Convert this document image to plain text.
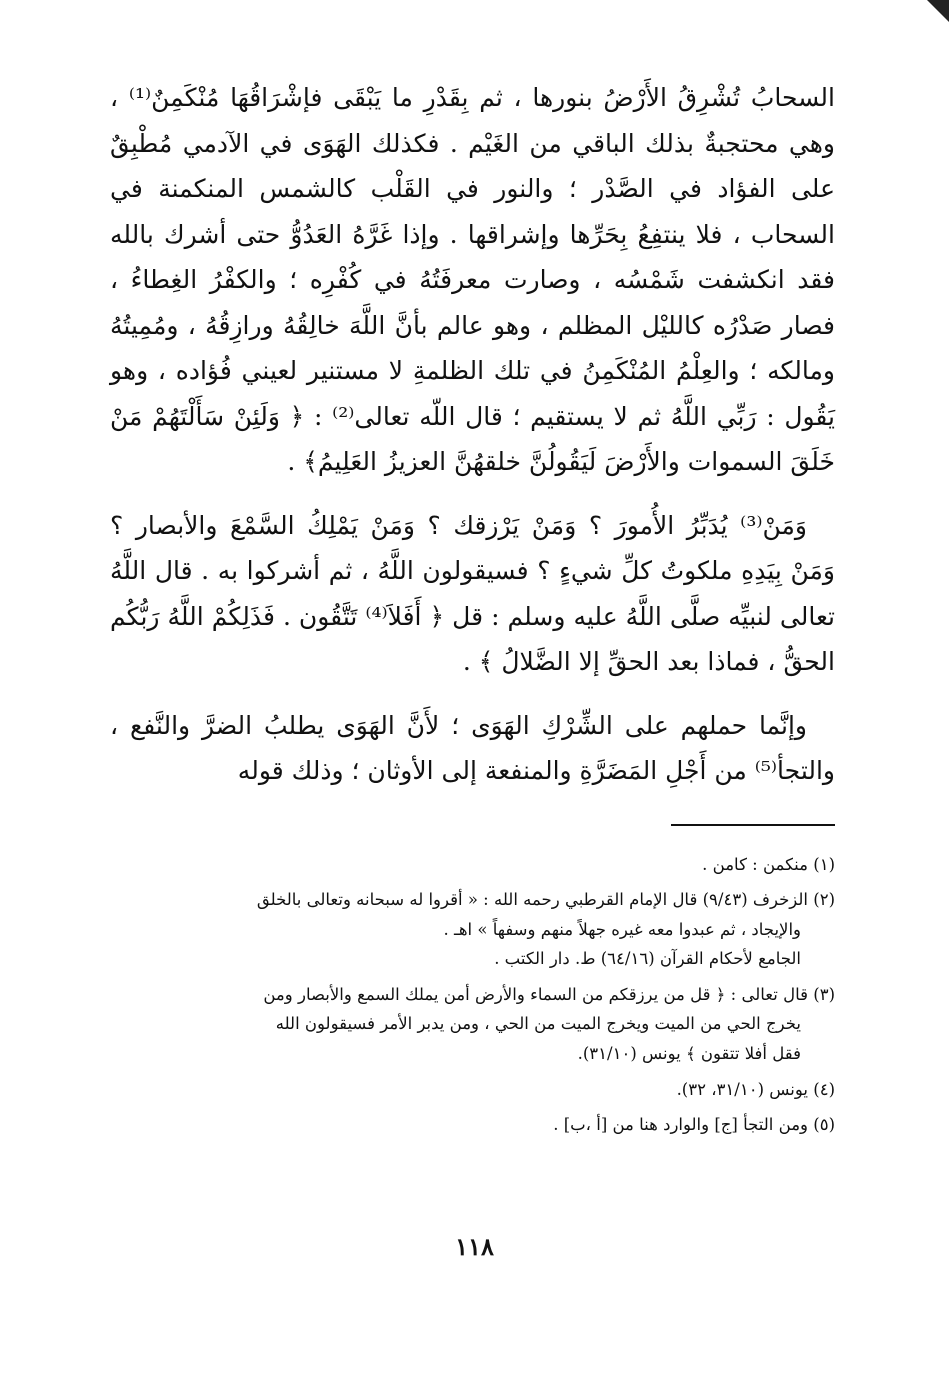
السحابُ تُشْرِقُ الأَرْضُ بنورها ، ثم بِقَدْرِ ما يَبْقَى فإشْرَاقُهَا مُنْكَمِنٌ⁽¹⁾ ، وهي محتجبةٌ بذلك الباقي من الغَيْم . فكذلك الهَوَى في الآدمي مُطْبِقٌ على الفؤاد في الصَّدْر ؛ والنور في القَلْب كالشمس المنكمنة في السحاب ، فلا ينتفِعُ بِحَرِّها وإشراقها . وإذا غَرَّهُ العَدُوُّ حتى أشرك بالله فقد انكشفت شَمْسُه ، وصارت معرفَتُهُ في كُفْرِه ؛ والكفْرُ الغِطاءُ ، فصار صَدْرُه كالليْل المظلم ، وهو عالم بأنَّ اللَّهَ خالِقُهُ ورازِقُهُ ، ومُمِيتُهُ ومالكه ؛ والعِلْمُ المُنْكَمِنُ في تلك الظلمةِ لا مستنير لعيني فُؤاده ، وهو يَقُول : رَبِّي اللَّهُ ثم لا يستقيم ؛ قال اللّه تعالى⁽²⁾ : ﴿ وَلَئِنْ سَأَلْتَهُمْ مَنْ خَلَقَ السموات والأَرْضَ لَيَقُولُنَّ خلقهُنَّ العزيزُ العَلِيمُ﴾ .

وَمَنْ⁽³⁾ يُدَبِّرُ الأُمورَ ؟ وَمَنْ يَرْزقك ؟ وَمَنْ يَمْلِكُ السَّمْعَ والأبصار ؟ وَمَنْ بِيَدِهِ ملكوتُ كلِّ شيءٍ ؟ فسيقولون اللَّهُ ، ثم أشركوا به . قال اللَّهُ تعالى لنبيِّه صلَّى اللَّهُ عليه وسلم : قل ﴿ أَفَلاَ⁽⁴⁾ تَتَّقُون . فَذَلِكُمْ اللَّهُ رَبُّكُم الحقُّ ، فماذا بعد الحقِّ إلا الضَّلالُ ﴾ .

وإنَّما حملهم على الشِّرْكِ الهَوَى ؛ لأَنَّ الهَوَى يطلبُ الضرَّ والنَّفع ، والتجأ⁽⁵⁾ من أَجْلِ المَضَرَّةِ والمنفعة إلى الأوثان ؛ وذلك قوله

(١) منكمن : كامن .
(٢) الزخرف (٩/٤٣) قال الإمام القرطبي رحمه الله : « أقروا له سبحانه وتعالى بالخلق
والإيجاد ، ثم عبدوا معه غيره جهلاً منهم وسفهاً » اهـ .
الجامع لأحكام القرآن (٦٤/١٦) ط. دار الكتب .
(٣) قال تعالى : ﴿ قل من يرزقكم من السماء والأرض أمن يملك السمع والأبصار ومن
يخرج الحي من الميت ويخرج الميت من الحي ، ومن يدبر الأمر فسيقولون الله
فقل أفلا تتقون ﴾ يونس (٣١/١٠).
(٤) يونس (٣١/١٠، ٣٢).
(٥) ومن التجأ [ج] والوارد هنا من [أ ،ب] .
١١٨
